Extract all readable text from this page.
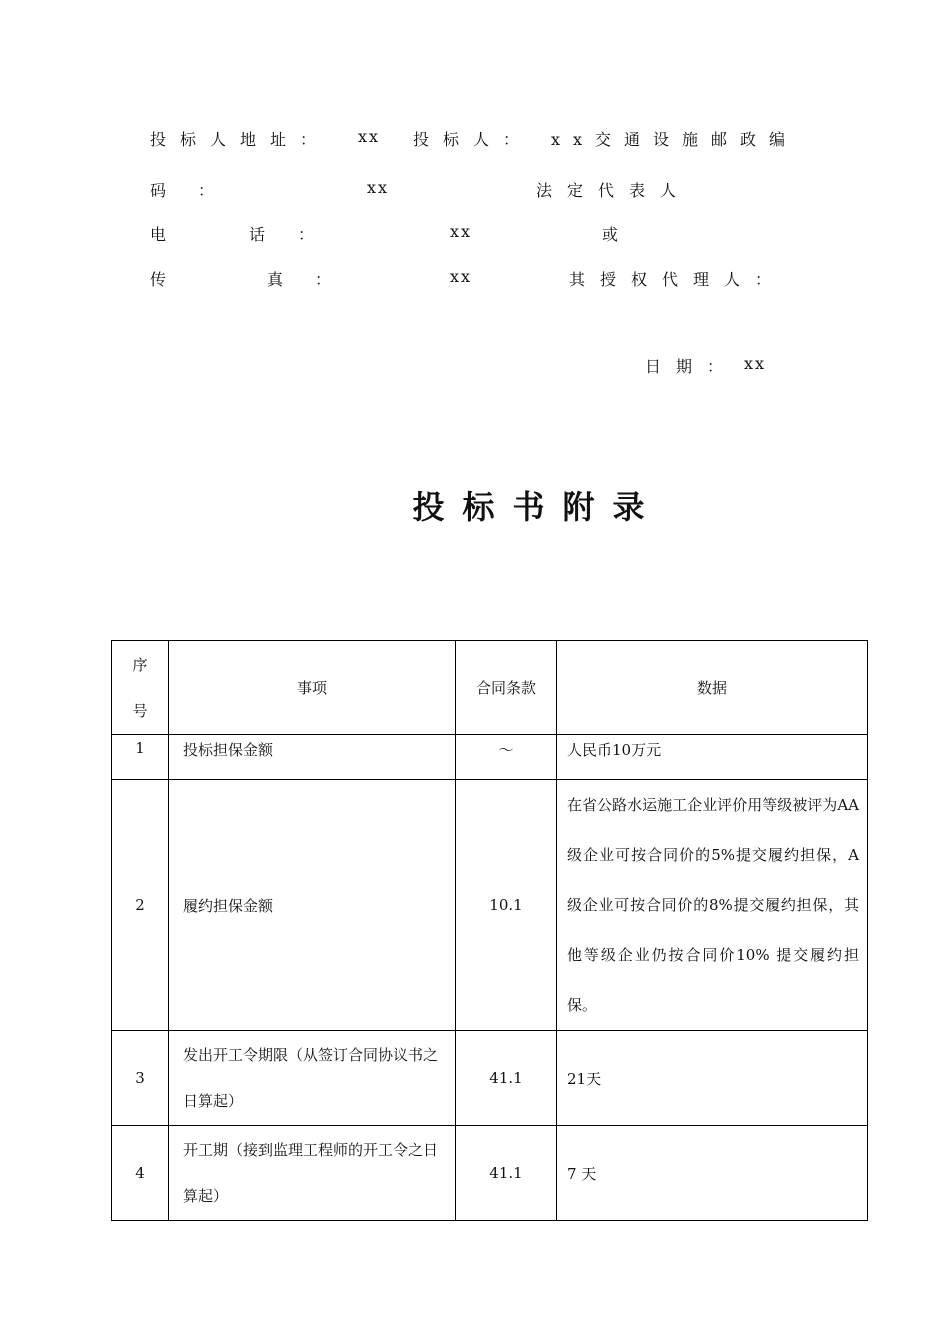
投标人地址： xx 投标人： xx交通设施邮政编
码 ：	xx	法定代表人
电	话 ：	xx	或
传	真 ：	xx	其授权代理人：
日期： xx
投标书附录
序
号	事项	合同条款	数据
1	投标担保金额	～	人民币10万元
2	履约担保金额	10.1	在省公路水运施工企业评价用等级被评为AA级企业可按合同价的5%提交履约担保，A 级企业可按合同价的8%提交履约担保，其他等级企业仍按合同价10% 提交履约担保。
3	发出开工令期限（从签订合同协议书之日算起）	41.1	21天
4	开工期（接到监理工程师的开工令之日算起）	41.1	7 天
